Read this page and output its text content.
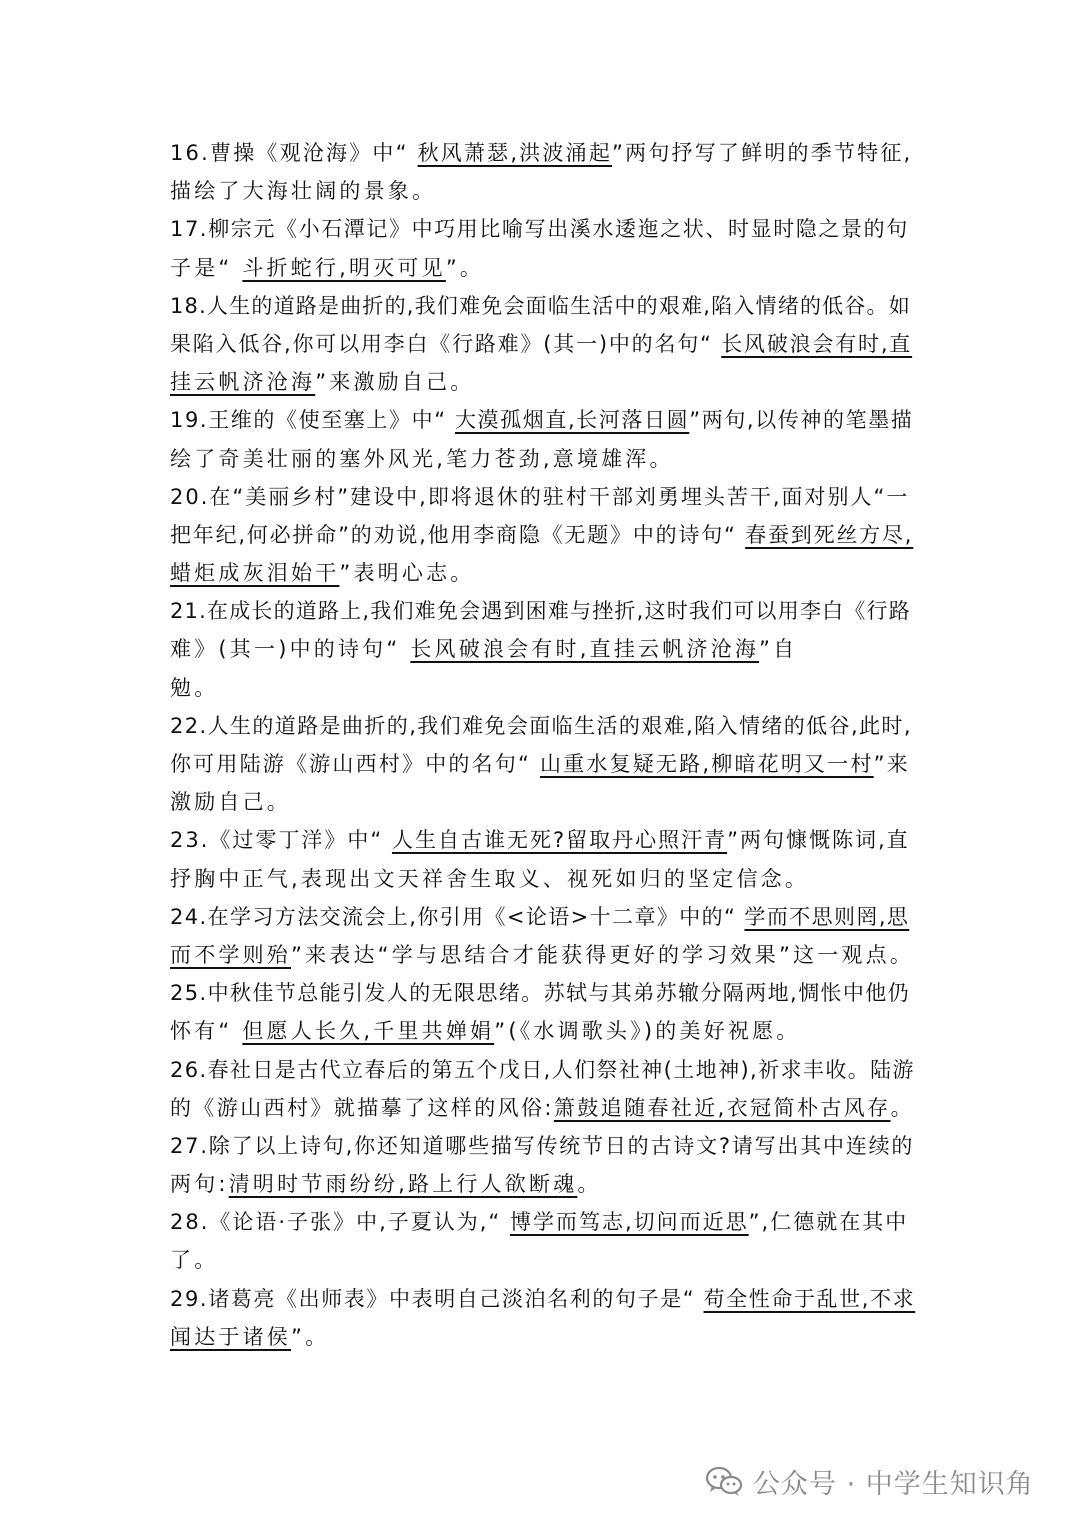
16.曹操《观沧海》中“ 秋风萧瑟,洪波涌起”两句抒写了鲜明的季节特征,
描绘了大海壮阔的景象。
17.柳宗元《小石潭记》中巧用比喻写出溪水逶迤之状、时显时隐之景的句
子是“ 斗折蛇行,明灭可见”。
18.人生的道路是曲折的,我们难免会面临生活中的艰难,陷入情绪的低谷。如
果陷入低谷,你可以用李白《行路难》(其一)中的名句“ 长风破浪会有时,直
挂云帆济沧海”来激励自己。
19.王维的《使至塞上》中“ 大漠孤烟直,长河落日圆”两句,以传神的笔墨描
绘了奇美壮丽的塞外风光,笔力苍劲,意境雄浑。
20.在“美丽乡村”建设中,即将退休的驻村干部刘勇埋头苦干,面对别人“一
把年纪,何必拼命”的劝说,他用李商隐《无题》中的诗句“ 春蚕到死丝方尽,
蜡炬成灰泪始干”表明心志。
21.在成长的道路上,我们难免会遇到困难与挫折,这时我们可以用李白《行路
难》(其一)中的诗句“ 长风破浪会有时,直挂云帆济沧海”自
勉。
22.人生的道路是曲折的,我们难免会面临生活的艰难,陷入情绪的低谷,此时,
你可用陆游《游山西村》中的名句“ 山重水复疑无路,柳暗花明又一村”来
激励自己。
23.《过零丁洋》中“ 人生自古谁无死?留取丹心照汗青”两句慷慨陈词,直
抒胸中正气,表现出文天祥舍生取义、视死如归的坚定信念。
24.在学习方法交流会上,你引用《<论语>十二章》中的“ 学而不思则罔,思
而不学则殆”来表达“学与思结合才能获得更好的学习效果”这一观点。
25.中秋佳节总能引发人的无限思绪。苏轼与其弟苏辙分隔两地,惆怅中他仍
怀有“ 但愿人长久,千里共婵娟”(《水调歌头》)的美好祝愿。
26.春社日是古代立春后的第五个戊日,人们祭社神(土地神),祈求丰收。陆游
的《游山西村》就描摹了这样的风俗:箫鼓追随春社近,衣冠简朴古风存。
27.除了以上诗句,你还知道哪些描写传统节日的古诗文?请写出其中连续的
两句:清明时节雨纷纷,路上行人欲断魂。
28.《论语·子张》中,子夏认为,“ 博学而笃志,切问而近思”,仁德就在其中
了。
29.诸葛亮《出师表》中表明自己淡泊名利的句子是“ 苟全性命于乱世,不求
闻达于诸侯”。
公众号 · 中学生知识角
